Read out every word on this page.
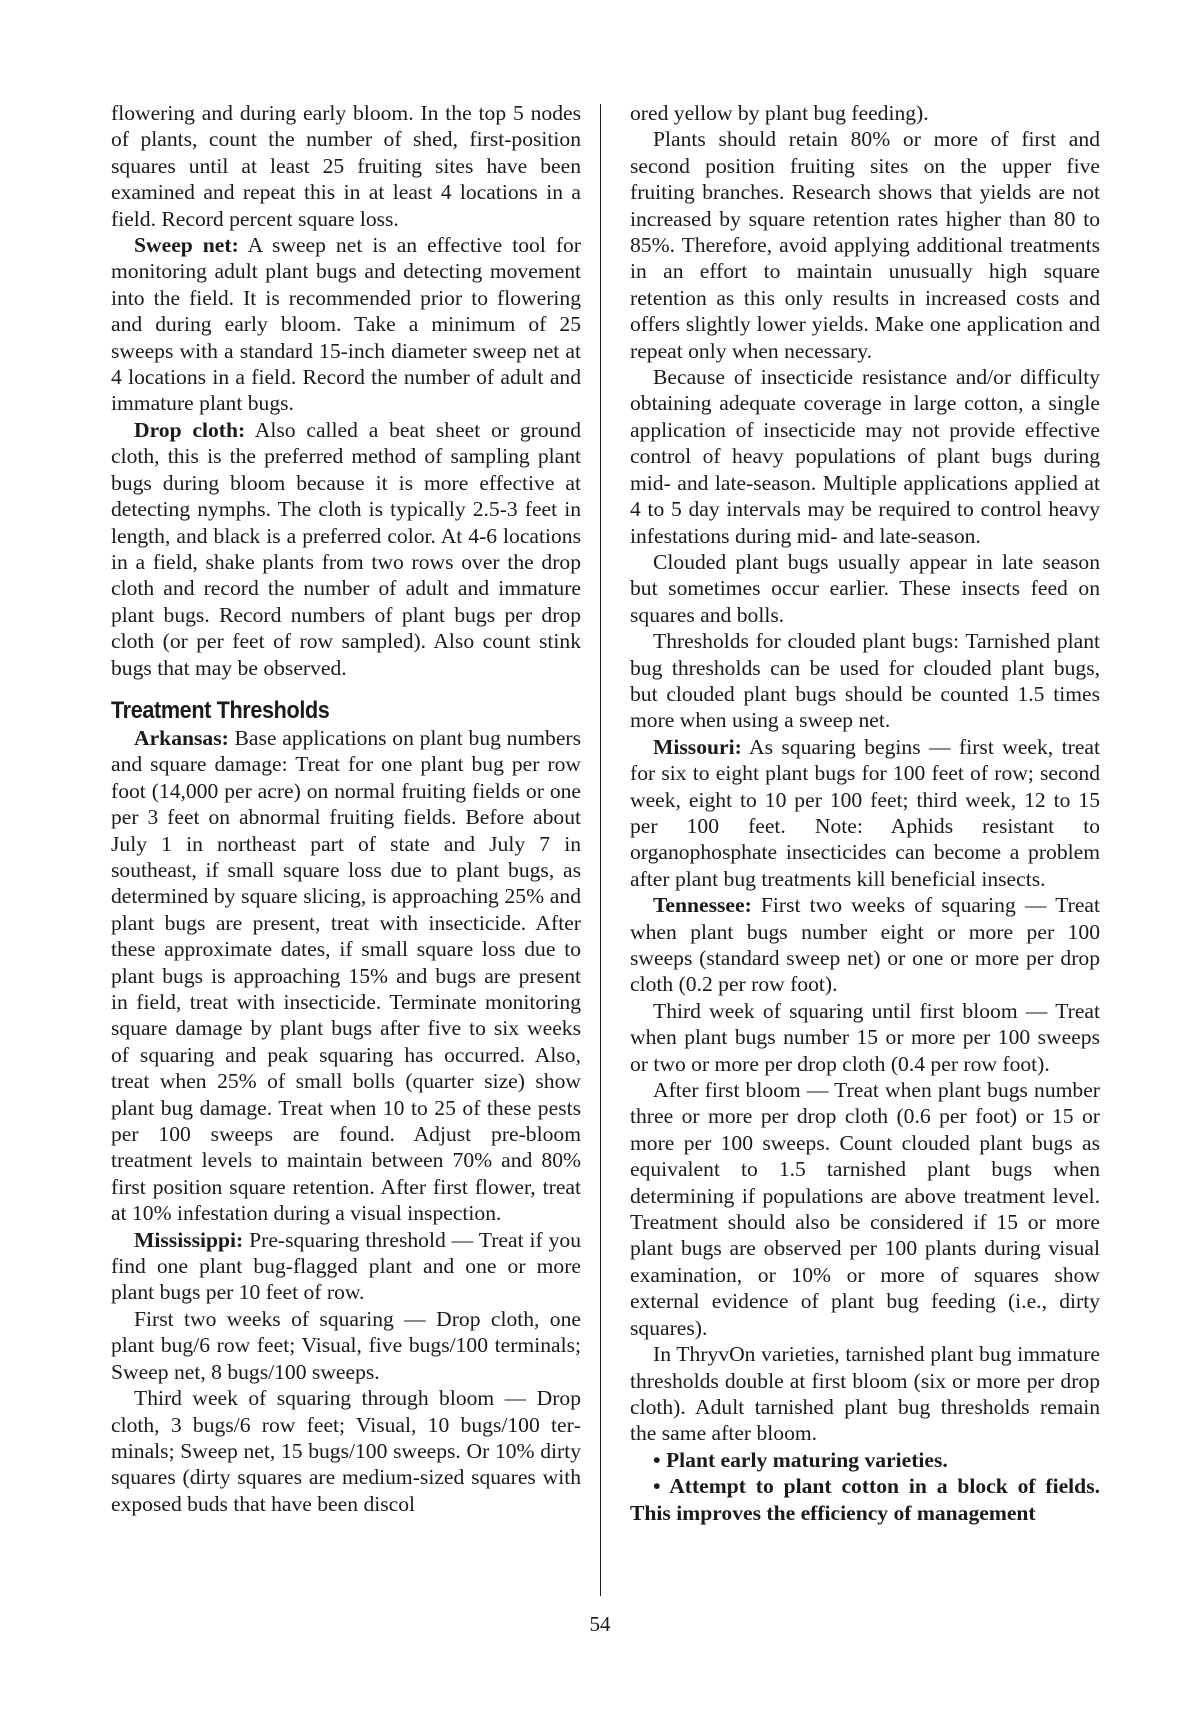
flowering and during early bloom. In the top 5 nodes of plants, count the number of shed, first-position squares until at least 25 fruiting sites have been examined and repeat this in at least 4 locations in a field. Record percent square loss.

Sweep net: A sweep net is an effective tool for monitoring adult plant bugs and detecting movement into the field. It is recommended prior to flowering and during early bloom. Take a minimum of 25 sweeps with a standard 15-inch diameter sweep net at 4 locations in a field. Record the number of adult and immature plant bugs.

Drop cloth: Also called a beat sheet or ground cloth, this is the preferred method of sampling plant bugs during bloom because it is more effective at detecting nymphs. The cloth is typically 2.5-3 feet in length, and black is a preferred color. At 4-6 locations in a field, shake plants from two rows over the drop cloth and record the number of adult and immature plant bugs. Record numbers of plant bugs per drop cloth (or per feet of row sampled). Also count stink bugs that may be observed.

Treatment Thresholds

Arkansas: Base applications on plant bug numbers and square damage: Treat for one plant bug per row foot (14,000 per acre) on normal fruiting fields or one per 3 feet on abnormal fruiting fields. Before about July 1 in northeast part of state and July 7 in southeast, if small square loss due to plant bugs, as determined by square slicing, is approaching 25% and plant bugs are present, treat with insecticide. After these approximate dates, if small square loss due to plant bugs is approaching 15% and bugs are present in field, treat with insecticide. Terminate monitoring square damage by plant bugs after five to six weeks of squaring and peak squaring has occurred. Also, treat when 25% of small bolls (quarter size) show plant bug damage. Treat when 10 to 25 of these pests per 100 sweeps are found. Adjust pre-bloom treatment levels to maintain between 70% and 80% first position square retention. After first flower, treat at 10% infestation during a visual inspection.

Mississippi: Pre-squaring threshold — Treat if you find one plant bug-flagged plant and one or more plant bugs per 10 feet of row.

First two weeks of squaring — Drop cloth, one plant bug/6 row feet; Visual, five bugs/100 terminals; Sweep net, 8 bugs/100 sweeps.

Third week of squaring through bloom — Drop cloth, 3 bugs/6 row feet; Visual, 10 bugs/100 terminals; Sweep net, 15 bugs/100 sweeps. Or 10% dirty squares (dirty squares are medium-sized squares with exposed buds that have been discol

ored yellow by plant bug feeding).

Plants should retain 80% or more of first and second position fruiting sites on the upper five fruiting branches. Research shows that yields are not increased by square retention rates higher than 80 to 85%. Therefore, avoid applying additional treatments in an effort to maintain unusually high square retention as this only results in increased costs and offers slightly lower yields. Make one application and repeat only when necessary.

Because of insecticide resistance and/or difficulty obtaining adequate coverage in large cotton, a single application of insecticide may not provide effective control of heavy populations of plant bugs during mid- and late-season. Multiple applications applied at 4 to 5 day intervals may be required to control heavy infestations during mid- and late-season.

Clouded plant bugs usually appear in late season but sometimes occur earlier. These insects feed on squares and bolls.

Thresholds for clouded plant bugs: Tarnished plant bug thresholds can be used for clouded plant bugs, but clouded plant bugs should be counted 1.5 times more when using a sweep net.

Missouri: As squaring begins — first week, treat for six to eight plant bugs for 100 feet of row; second week, eight to 10 per 100 feet; third week, 12 to 15 per 100 feet. Note: Aphids resistant to organophosphate insecticides can become a problem after plant bug treatments kill beneficial insects.

Tennessee: First two weeks of squaring — Treat when plant bugs number eight or more per 100 sweeps (standard sweep net) or one or more per drop cloth (0.2 per row foot).

Third week of squaring until first bloom — Treat when plant bugs number 15 or more per 100 sweeps or two or more per drop cloth (0.4 per row foot).

After first bloom — Treat when plant bugs number three or more per drop cloth (0.6 per foot) or 15 or more per 100 sweeps. Count clouded plant bugs as equivalent to 1.5 tarnished plant bugs when determining if populations are above treatment level. Treatment should also be considered if 15 or more plant bugs are observed per 100 plants during visual examination, or 10% or more of squares show external evidence of plant bug feeding (i.e., dirty squares).

In ThryvOn varieties, tarnished plant bug immature thresholds double at first bloom (six or more per drop cloth). Adult tarnished plant bug thresholds remain the same after bloom.

• Plant early maturing varieties.

• Attempt to plant cotton in a block of fields. This improves the efficiency of management

54
